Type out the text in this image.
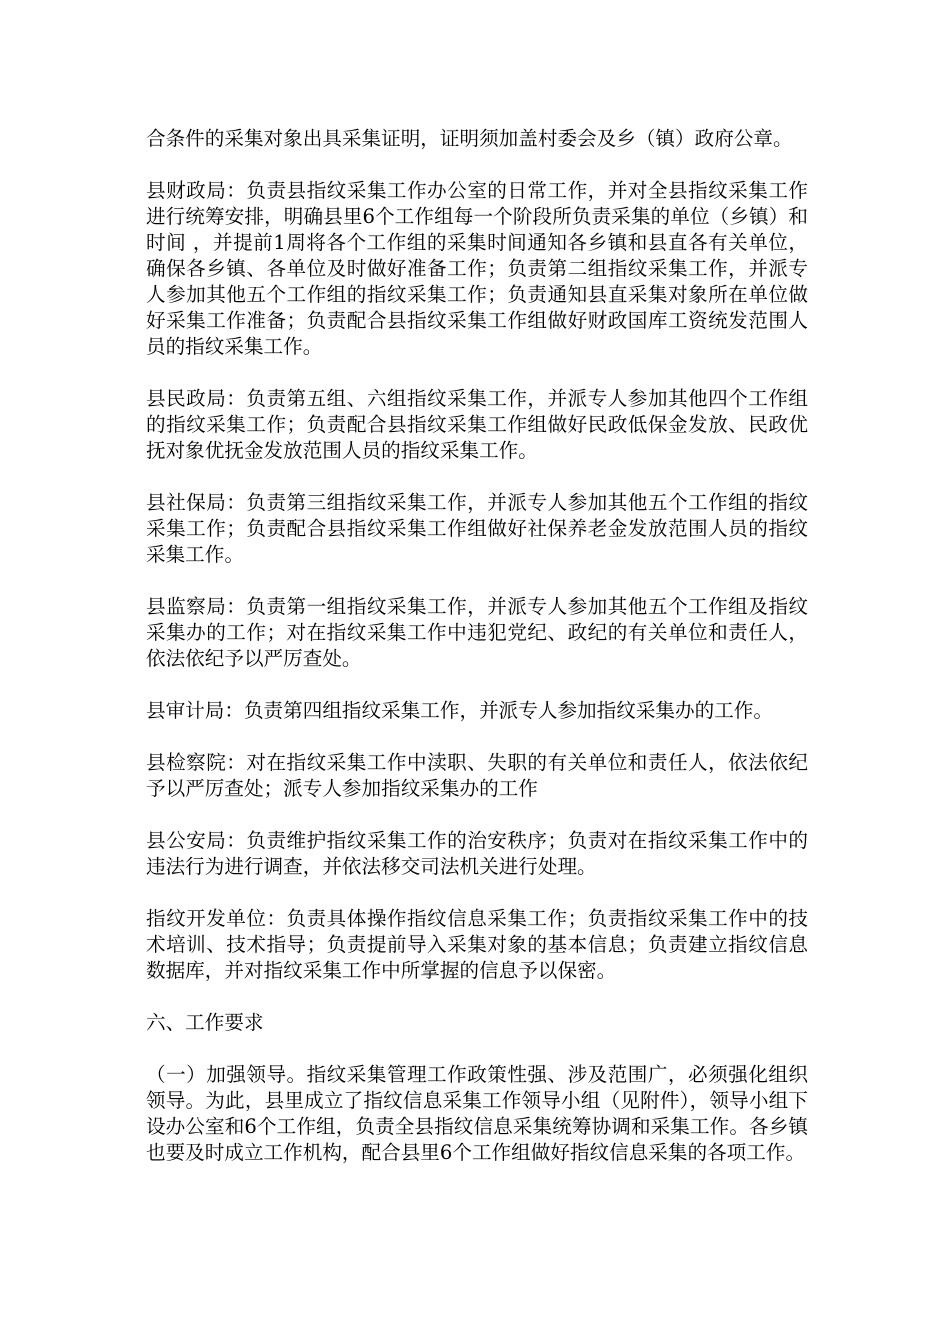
合条件的采集对象出具采集证明，证明须加盖村委会及乡（镇）政府公章。

县财政局：负责县指纹采集工作办公室的日常工作，并对全县指纹采集工作进行统筹安排，明确县里6个工作组每一个阶段所负责采集的单位（乡镇）和时间 ，并提前1周将各个工作组的采集时间通知各乡镇和县直各有关单位，确保各乡镇、各单位及时做好准备工作；负责第二组指纹采集工作，并派专人参加其他五个工作组的指纹采集工作；负责通知县直采集对象所在单位做好采集工作准备；负责配合县指纹采集工作组做好财政国库工资统发范围人员的指纹采集工作。

县民政局：负责第五组、六组指纹采集工作，并派专人参加其他四个工作组的指纹采集工作；负责配合县指纹采集工作组做好民政低保金发放、民政优抚对象优抚金发放范围人员的指纹采集工作。

县社保局：负责第三组指纹采集工作，并派专人参加其他五个工作组的指纹采集工作；负责配合县指纹采集工作组做好社保养老金发放范围人员的指纹采集工作。

县监察局：负责第一组指纹采集工作，并派专人参加其他五个工作组及指纹采集办的工作；对在指纹采集工作中违犯党纪、政纪的有关单位和责任人，依法依纪予以严厉查处。

县审计局：负责第四组指纹采集工作，并派专人参加指纹采集办的工作。

县检察院：对在指纹采集工作中渎职、失职的有关单位和责任人，依法依纪予以严厉查处；派专人参加指纹采集办的工作

县公安局：负责维护指纹采集工作的治安秩序；负责对在指纹采集工作中的违法行为进行调查，并依法移交司法机关进行处理。

指纹开发单位：负责具体操作指纹信息采集工作；负责指纹采集工作中的技术培训、技术指导；负责提前导入采集对象的基本信息；负责建立指纹信息数据库，并对指纹采集工作中所掌握的信息予以保密。

六、工作要求

（一）加强领导。指纹采集管理工作政策性强、涉及范围广，必须强化组织领导。为此，县里成立了指纹信息采集工作领导小组（见附件），领导小组下设办公室和6个工作组，负责全县指纹信息采集统筹协调和采集工作。各乡镇也要及时成立工作机构，配合县里6个工作组做好指纹信息采集的各项工作。
